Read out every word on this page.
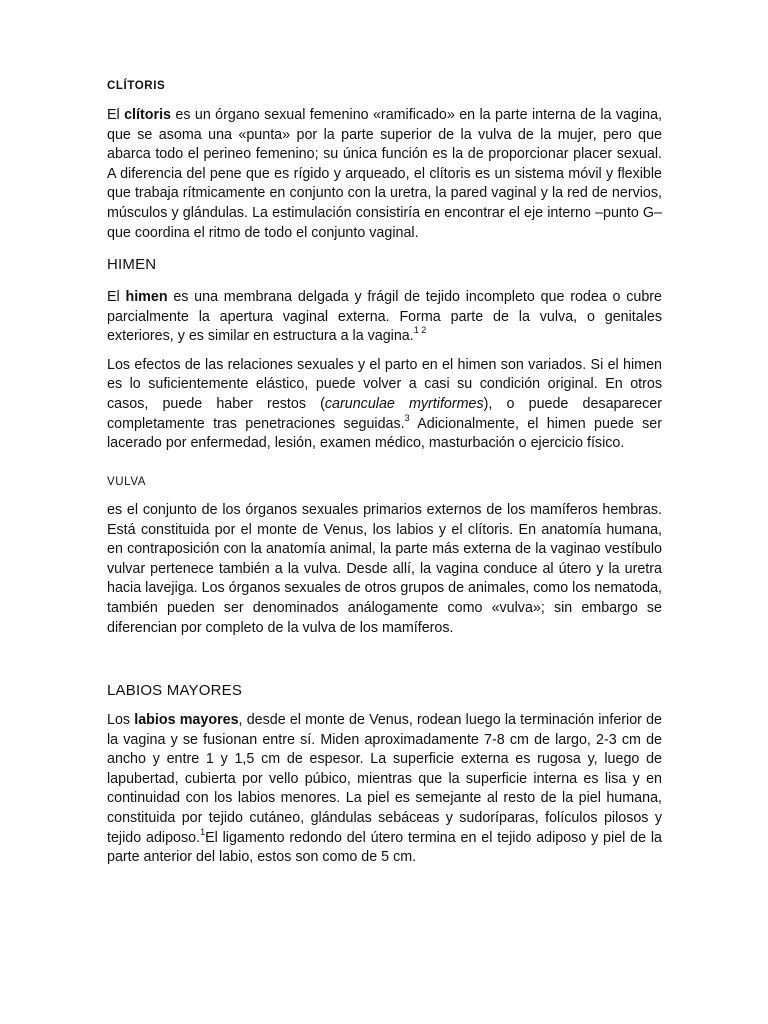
CLÍTORIS

El clítoris es un órgano sexual femenino «ramificado» en la parte interna de la vagina, que se asoma una «punta» por la parte superior de la vulva de la mujer, pero que abarca todo el perineo femenino; su única función es la de proporcionar placer sexual. A diferencia del pene que es rígido y arqueado, el clítoris es un sistema móvil y flexible que trabaja rítmicamente en conjunto con la uretra, la pared vaginal y la red de nervios, músculos y glándulas. La estimulación consistiría en encontrar el eje interno –punto G– que coordina el ritmo de todo el conjunto vaginal.

HIMEN

El himen es una membrana delgada y frágil de tejido incompleto que rodea o cubre parcialmente la apertura vaginal externa. Forma parte de la vulva, o genitales exteriores, y es similar en estructura a la vagina.$^{1 2}$

Los efectos de las relaciones sexuales y el parto en el himen son variados. Si el himen es lo suficientemente elástico, puede volver a casi su condición original. En otros casos, puede haber restos (carunculae myrtiformes), o puede desaparecer completamente tras penetraciones seguidas.$^3$ Adicionalmente, el himen puede ser lacerado por enfermedad, lesión, examen médico, masturbación o ejercicio físico.

VULVA

es el conjunto de los órganos sexuales primarios externos de los mamíferos hembras. Está constituida por el monte de Venus, los labios y el clítoris. En anatomía humana, en contraposición con la anatomía animal, la parte más externa de la vaginao vestíbulo vulvar pertenece también a la vulva. Desde allí, la vagina conduce al útero y la uretra hacia lavejiga. Los órganos sexuales de otros grupos de animales, como los nematoda, también pueden ser denominados análogamente como «vulva»; sin embargo se diferencian por completo de la vulva de los mamíferos.

LABIOS MAYORES

Los labios mayores, desde el monte de Venus, rodean luego la terminación inferior de la vagina y se fusionan entre sí. Miden aproximadamente 7-8 cm de largo, 2-3 cm de ancho y entre 1 y 1,5 cm de espesor. La superficie externa es rugosa y, luego de lapubertad, cubierta por vello púbico, mientras que la superficie interna es lisa y en continuidad con los labios menores. La piel es semejante al resto de la piel humana, constituida por tejido cutáneo, glándulas sebáceas y sudoríparas, folículos pilosos y tejido adiposo.$^1$El ligamento redondo del útero termina en el tejido adiposo y piel de la parte anterior del labio, estos son como de 5 cm.
